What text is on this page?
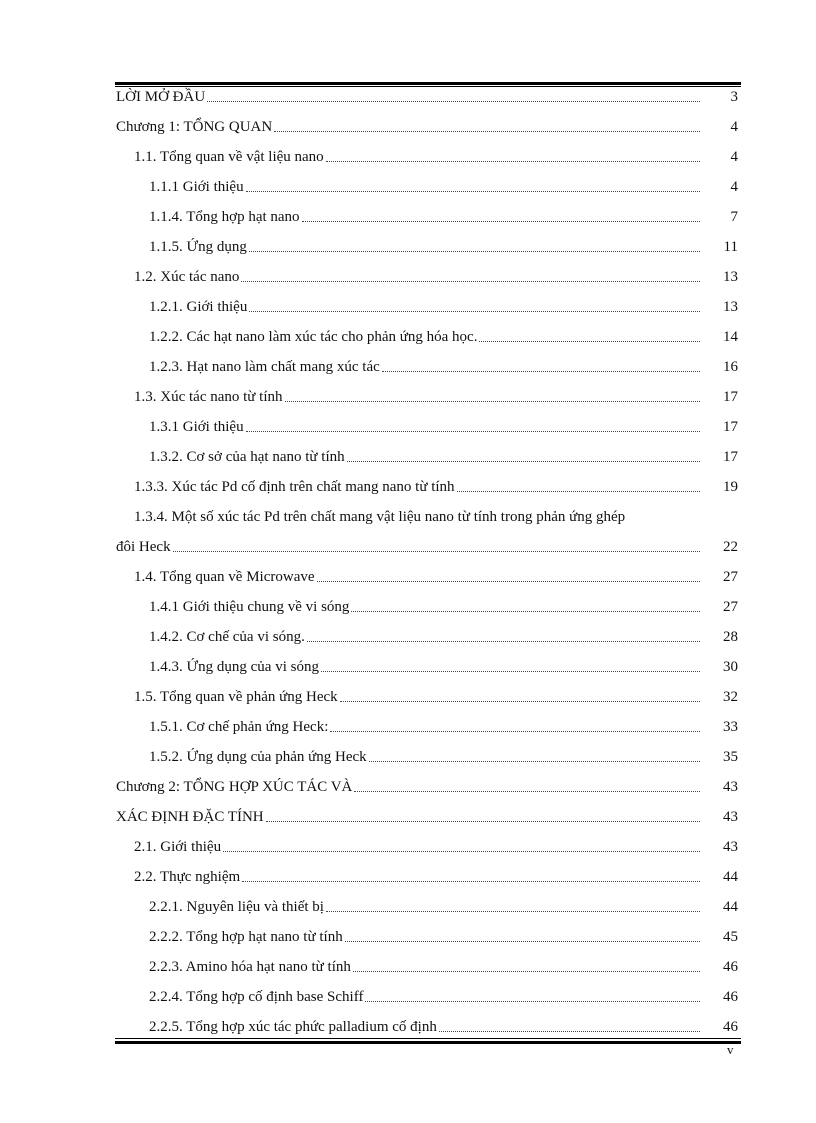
LỜI MỞ ĐẦU	3
Chương 1: TỔNG QUAN	4
1.1. Tổng quan về vật liệu nano	4
1.1.1 Giới thiệu	4
1.1.4. Tổng hợp hạt nano	7
1.1.5. Ứng dụng	11
1.2. Xúc tác nano	13
1.2.1. Giới thiệu	13
1.2.2. Các hạt nano làm xúc tác cho phản ứng hóa học.	14
1.2.3. Hạt nano làm chất mang xúc tác	16
1.3. Xúc tác nano từ tính	17
1.3.1 Giới thiệu	17
1.3.2. Cơ sở của hạt nano từ tính	17
1.3.3. Xúc tác Pd cố định trên chất mang nano từ tính	19
1.3.4. Một số xúc tác Pd trên chất mang vật liệu nano từ tính trong phản ứng ghép
đôi Heck	22
1.4. Tổng quan về Microwave	27
1.4.1 Giới thiệu chung về vi sóng	27
1.4.2. Cơ chế của vi sóng.	28
1.4.3. Ứng dụng của vi sóng	30
1.5. Tổng quan về phản ứng Heck	32
1.5.1. Cơ chế phản ứng Heck:	33
1.5.2. Ứng dụng của phản ứng Heck	35
Chương 2: TỔNG HỢP XÚC TÁC VÀ	43
XÁC ĐỊNH ĐẶC TÍNH	43
2.1. Giới thiệu	43
2.2. Thực nghiệm	44
2.2.1. Nguyên liệu và thiết bị	44
2.2.2. Tổng hợp hạt nano từ tính	45
2.2.3. Amino hóa hạt nano từ tính	46
2.2.4. Tổng hợp cố định base Schiff	46
2.2.5. Tổng hợp xúc tác phức palladium cố định	46
v
